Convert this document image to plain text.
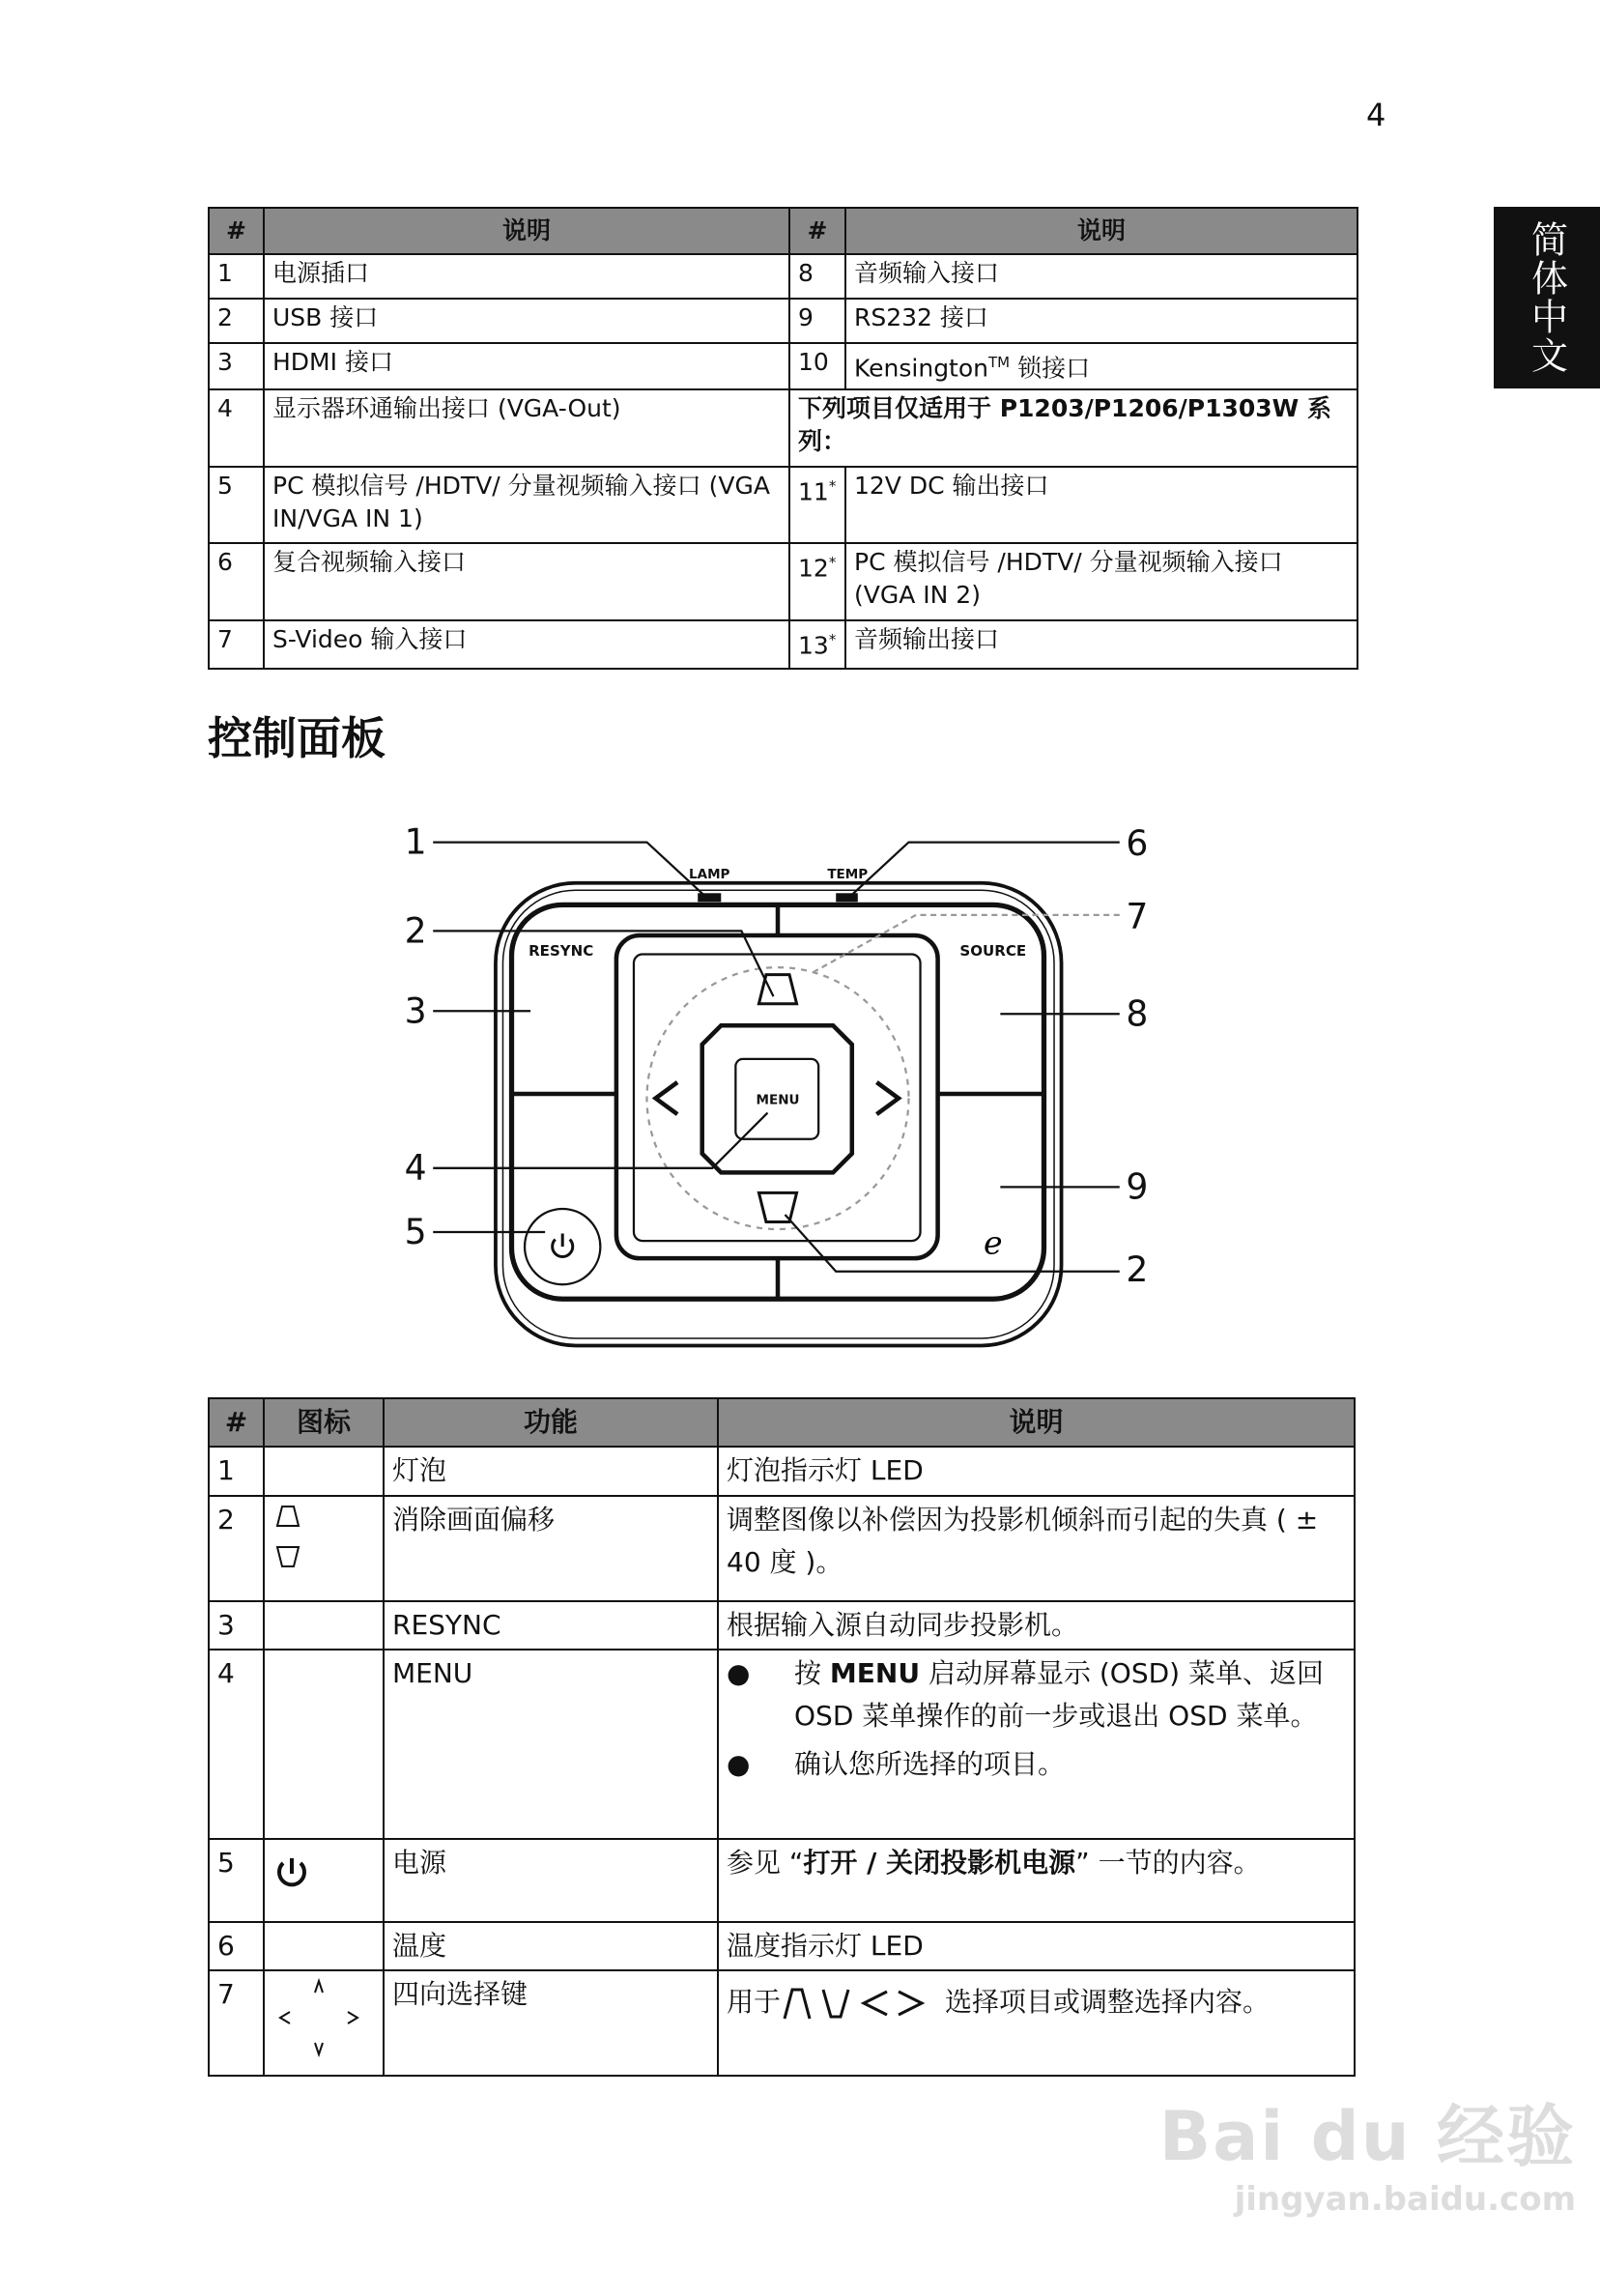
4
简体中文
#	说明	#	说明
1	电源插口	8	音频输入接口
2	USB 接口	9	RS232 接口
3	HDMI 接口	10	Kensington™ 锁接口
4	显示器环通输出接口 (VGA-Out)	下列项目仅适用于 P1203/P1206/P1303W 系列：	
5	PC 模拟信号 /HDTV/ 分量视频输入接口 (VGA IN/VGA IN 1)	11*	12V DC 输出接口
6	复合视频输入接口	12*	PC 模拟信号 /HDTV/ 分量视频输入接口 (VGA IN 2)
7	S-Video 输入接口	13*	音频输出接口
控制面板
LAMP	TEMP
RESYNC	SOURCE
MENU
e
1
2
3
4
5
6
7
8
9
2
#	图标	功能	说明
1		灯泡	灯泡指示灯 LED
2		消除画面偏移	调整图像以补偿因为投影机倾斜而引起的失真 ( ± 40 度 )。
3		RESYNC	根据输入源自动同步投影机。
4		MENU	● 按 MENU 启动屏幕显示 (OSD) 菜单、返回 OSD 菜单操作的前一步或退出 OSD 菜单。
● 确认您所选择的项目。

5		电源	参见 “打开 / 关闭投影机电源” 一节的内容。
6		温度	温度指示灯 LED
7		四向选择键	用于 选择项目或调整选择内容。
Bai du 经验
jingyan.baidu.com
